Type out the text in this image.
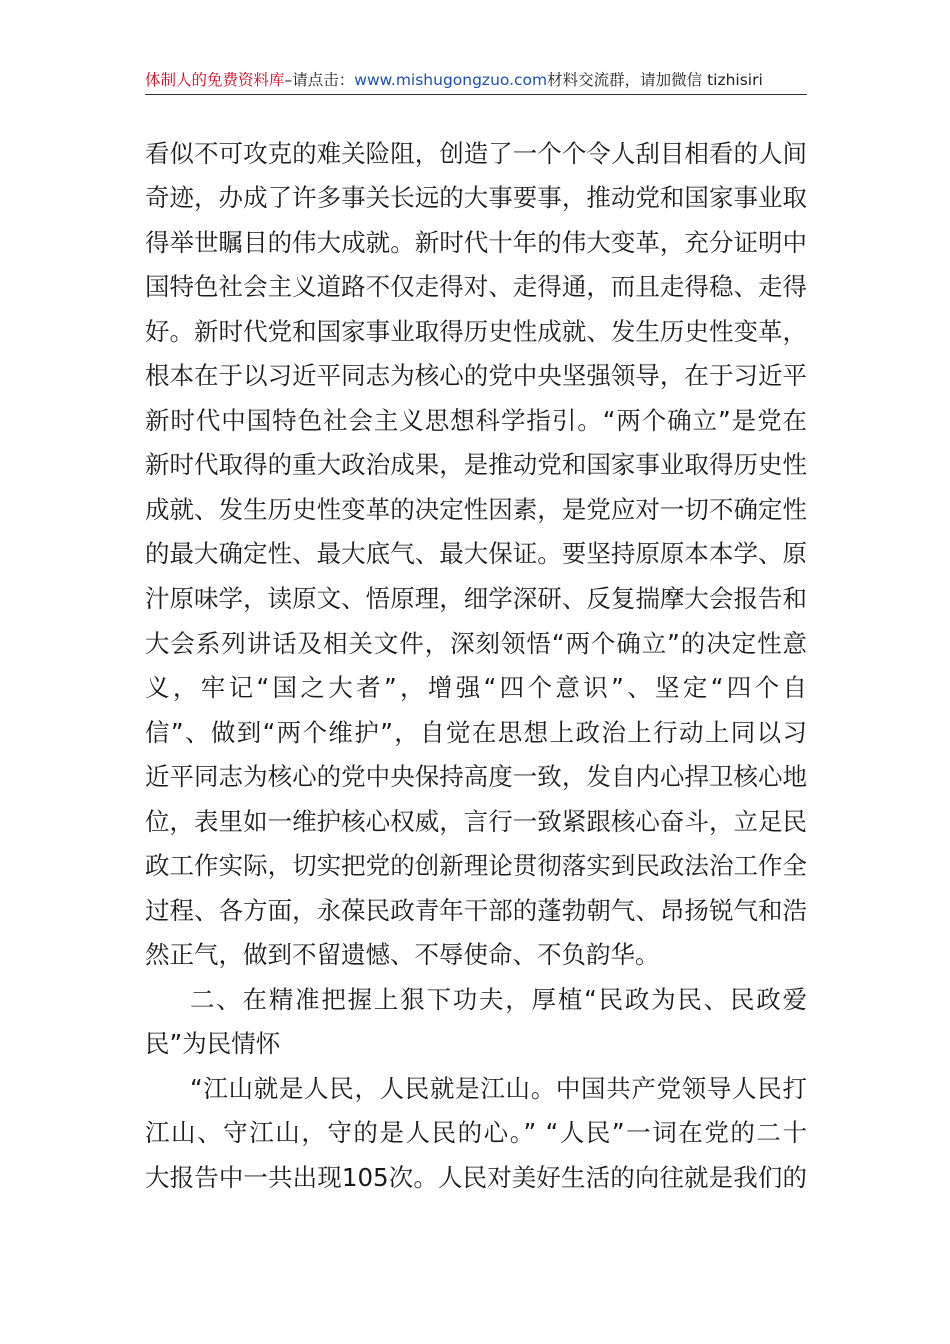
体制人的免费资料库–请点击：www.mishugongzuo.com材料交流群，请加微信 tizhisiri
看似不可攻克的难关险阻，创造了一个个令人刮目相看的人间
奇迹，办成了许多事关长远的大事要事，推动党和国家事业取
得举世瞩目的伟大成就。新时代十年的伟大变革，充分证明中
国特色社会主义道路不仅走得对、走得通，而且走得稳、走得
好。新时代党和国家事业取得历史性成就、发生历史性变革，
根本在于以习近平同志为核心的党中央坚强领导，在于习近平
新时代中国特色社会主义思想科学指引。“两个确立”是党在
新时代取得的重大政治成果，是推动党和国家事业取得历史性
成就、发生历史性变革的决定性因素，是党应对一切不确定性
的最大确定性、最大底气、最大保证。要坚持原原本本学、原
汁原味学，读原文、悟原理，细学深研、反复揣摩大会报告和
大会系列讲话及相关文件，深刻领悟“两个确立”的决定性意
义，牢记“国之大者”，增强“四个意识”、坚定“四个自
信”、做到“两个维护”，自觉在思想上政治上行动上同以习
近平同志为核心的党中央保持高度一致，发自内心捍卫核心地
位，表里如一维护核心权威，言行一致紧跟核心奋斗，立足民
政工作实际，切实把党的创新理论贯彻落实到民政法治工作全
过程、各方面，永葆民政青年干部的蓬勃朝气、昂扬锐气和浩
然正气，做到不留遗憾、不辱使命、不负韵华。
二、在精准把握上狠下功夫，厚植“民政为民、民政爱
民”为民情怀
“江山就是人民，人民就是江山。中国共产党领导人民打
江山、守江山，守的是人民的心。” “人民”一词在党的二十
大报告中一共出现105次。人民对美好生活的向往就是我们的
